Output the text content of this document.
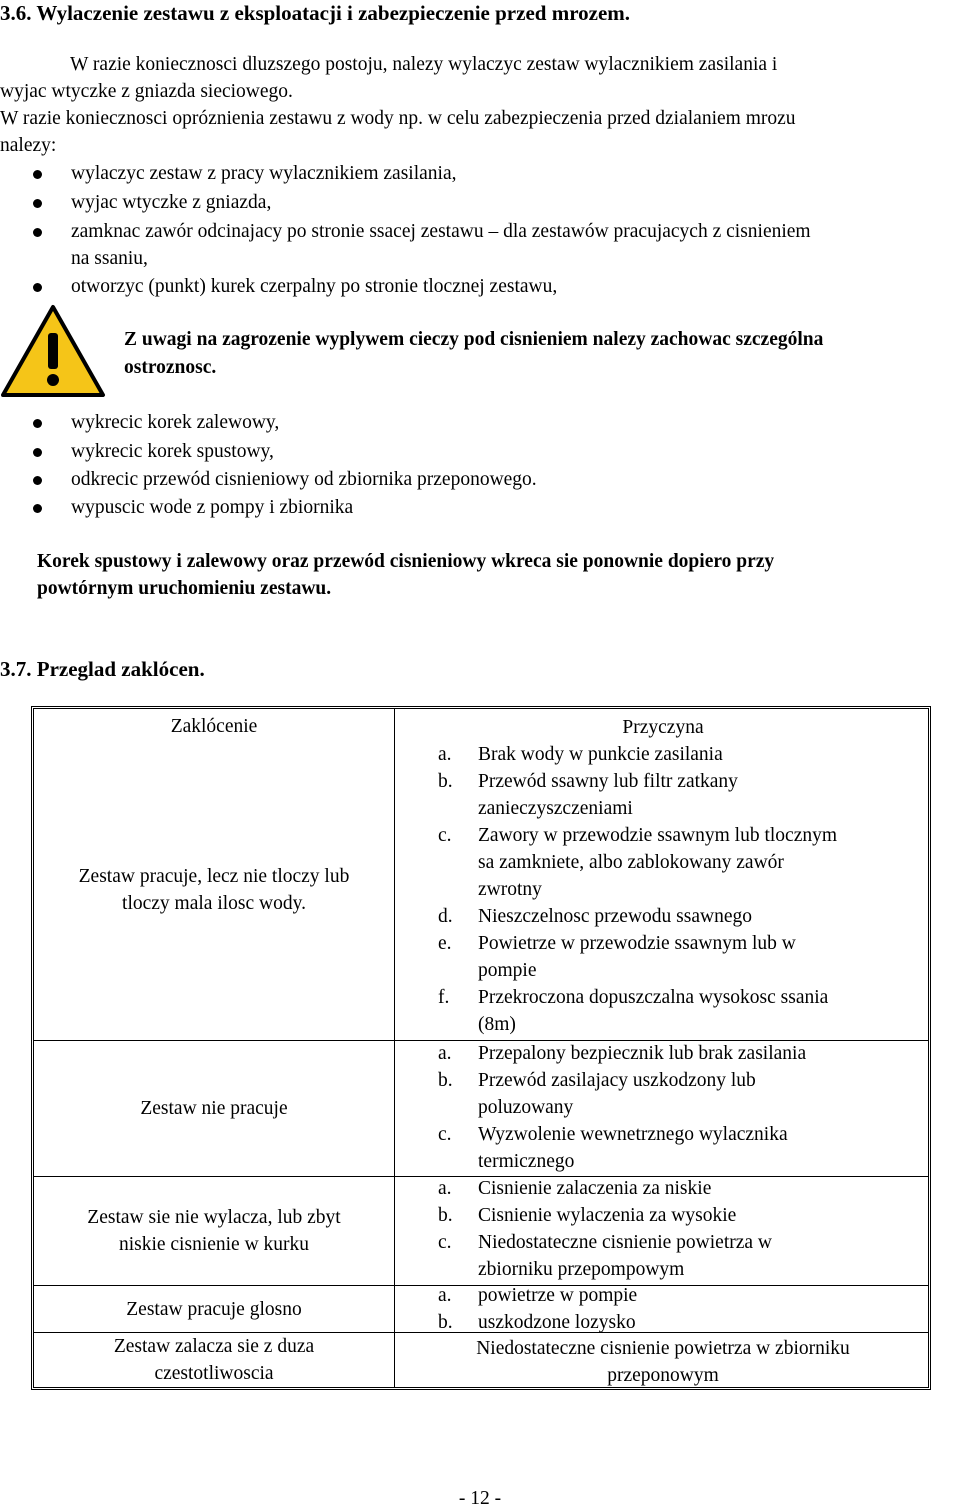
3.6. Wylaczenie zestawu z eksploatacji i zabezpieczenie przed mrozem.
W razie koniecznosci dluzszego postoju, nalezy wylaczyc zestaw wylacznikiem zasilania i
wyjac wtyczke z gniazda sieciowego.
W razie koniecznosci opróznienia zestawu z wody np. w celu zabezpieczenia przed dzialaniem mrozu
nalezy:
wylaczyc zestaw z pracy wylacznikiem zasilania,
wyjac wtyczke z gniazda,
zamknac zawór odcinajacy po stronie ssacej zestawu – dla zestawów pracujacych z cisnieniem
na ssaniu,
otworzyc (punkt) kurek czerpalny po stronie tlocznej zestawu,
Z uwagi na zagrozenie wyplywem cieczy pod cisnieniem nalezy zachowac szczególna
ostroznosc.
wykrecic korek zalewowy,
wykrecic korek spustowy,
odkrecic przewód cisnieniowy od zbiornika przeponowego.
wypuscic wode z pompy i zbiornika
Korek spustowy i zalewowy oraz przewód cisnieniowy wkreca sie ponownie dopiero przy
powtórnym uruchomieniu zestawu.
3.7. Przeglad zaklócen.
Zaklócenie
Zestaw pracuje, lecz nie tloczy lub
tloczy mala ilosc wody.
Zestaw nie pracuje
Zestaw sie nie wylacza, lub zbyt
niskie cisnienie w kurku
Zestaw pracuje glosno
Zestaw zalacza sie z duza
czestotliwoscia
Przyczyna
a. Brak wody w punkcie zasilania
b. Przewód ssawny lub filtr zatkany
zanieczyszczeniami
c. Zawory w przewodzie ssawnym lub tlocznym
sa zamkniete, albo zablokowany zawór
zwrotny
d. Nieszczelnosc przewodu ssawnego
e. Powietrze w przewodzie ssawnym lub w
pompie
f. Przekroczona dopuszczalna wysokosc ssania
(8m)
a. Przepalony bezpiecznik lub brak zasilania
b. Przewód zasilajacy uszkodzony lub
poluzowany
c. Wyzwolenie wewnetrznego wylacznika
termicznego
a. Cisnienie zalaczenia za niskie
b. Cisnienie wylaczenia za wysokie
c. Niedostateczne cisnienie powietrza w
zbiorniku przepompowym
a. powietrze w pompie
b. uszkodzone lozysko
Niedostateczne cisnienie powietrza w zbiorniku
przeponowym
- 12 -
